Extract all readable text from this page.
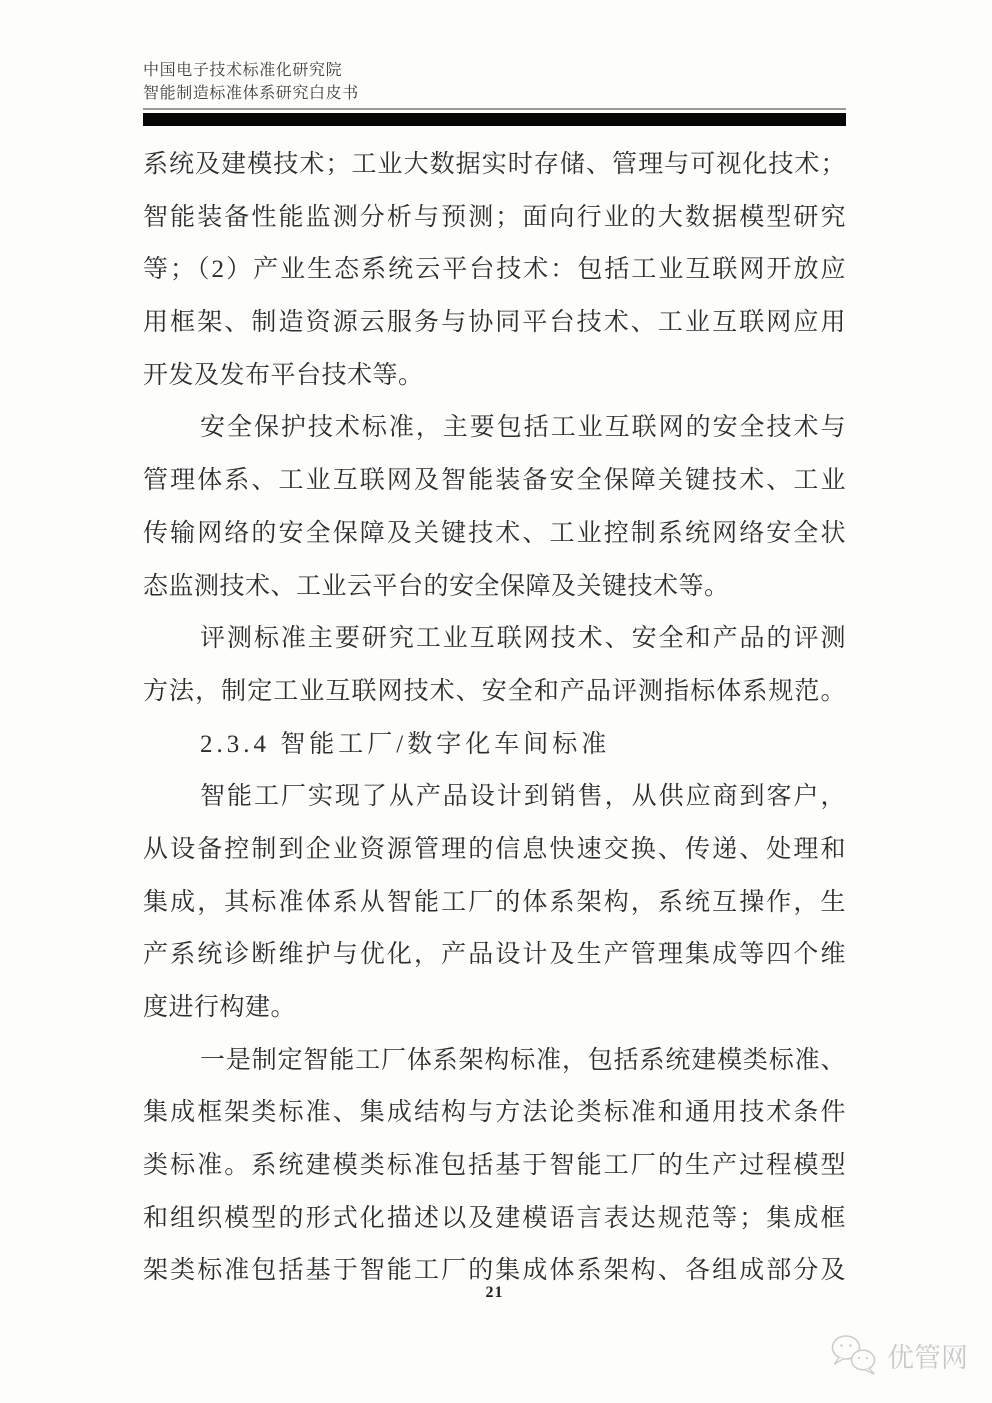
中国电子技术标准化研究院
智能制造标准体系研究白皮书
系统及建模技术；工业大数据实时存储、管理与可视化技术；
智能装备性能监测分析与预测；面向行业的大数据模型研究
等；（2）产业生态系统云平台技术：包括工业互联网开放应
用框架、制造资源云服务与协同平台技术、工业互联网应用
开发及发布平台技术等。
安全保护技术标准，主要包括工业互联网的安全技术与
管理体系、工业互联网及智能装备安全保障关键技术、工业
传输网络的安全保障及关键技术、工业控制系统网络安全状
态监测技术、工业云平台的安全保障及关键技术等。
评测标准主要研究工业互联网技术、安全和产品的评测
方法，制定工业互联网技术、安全和产品评测指标体系规范。
2.3.4 智能工厂/数字化车间标准
智能工厂实现了从产品设计到销售，从供应商到客户，
从设备控制到企业资源管理的信息快速交换、传递、处理和
集成，其标准体系从智能工厂的体系架构，系统互操作，生
产系统诊断维护与优化，产品设计及生产管理集成等四个维
度进行构建。
一是制定智能工厂体系架构标准，包括系统建模类标准、
集成框架类标准、集成结构与方法论类标准和通用技术条件
类标准。系统建模类标准包括基于智能工厂的生产过程模型
和组织模型的形式化描述以及建模语言表达规范等；集成框
架类标准包括基于智能工厂的集成体系架构、各组成部分及
21
优管网
